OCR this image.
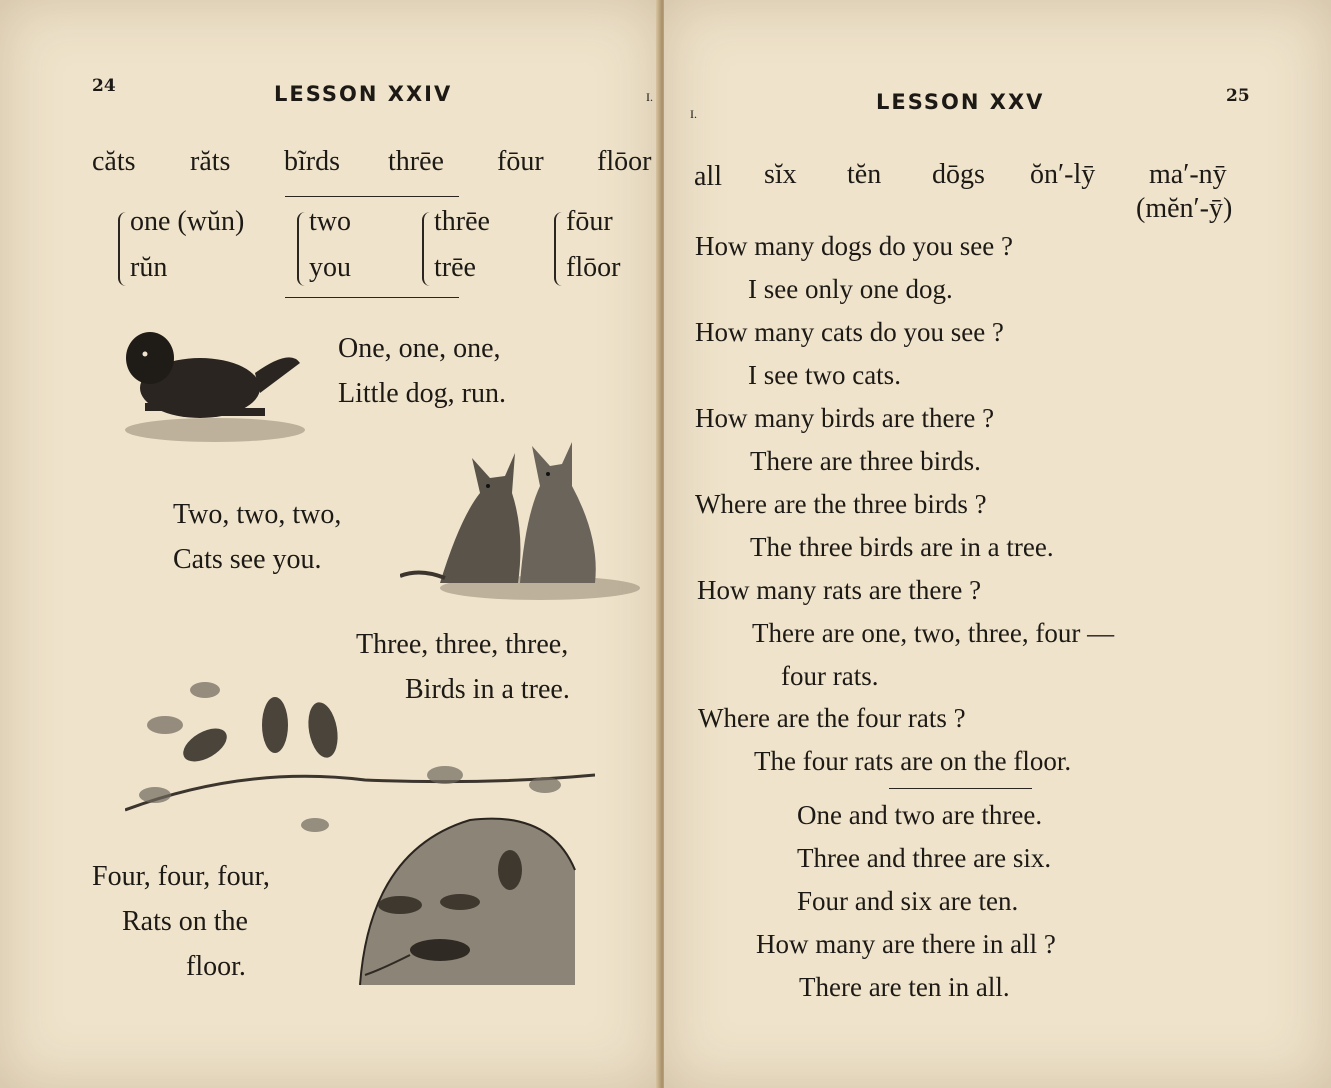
24	LESSON XXIV	I.
căts răts bĩrds thrēe fōur flōor
one (wŭn)
rŭn
two
you
thrēe
trēe
fōur
flōor
One, one, one,
Little dog, run.
Two, two, two,
Cats see you.
Three, three, three,
Birds in a tree.
Four, four, four,
Rats on the
floor.
I.	LESSON XXV	25
all sĭx tĕn dōgs ŏn′-lȳ ma′-nȳ
(mĕn′-ȳ)
How many dogs do you see ?
I see only one dog.
How many cats do you see ?
I see two cats.
How many birds are there ?
There are three birds.
Where are the three birds ?
The three birds are in a tree.
How many rats are there ?
There are one, two, three, four —
four rats.
Where are the four rats ?
The four rats are on the floor.
One and two are three.
Three and three are six.
Four and six are ten.
How many are there in all ?
There are ten in all.
